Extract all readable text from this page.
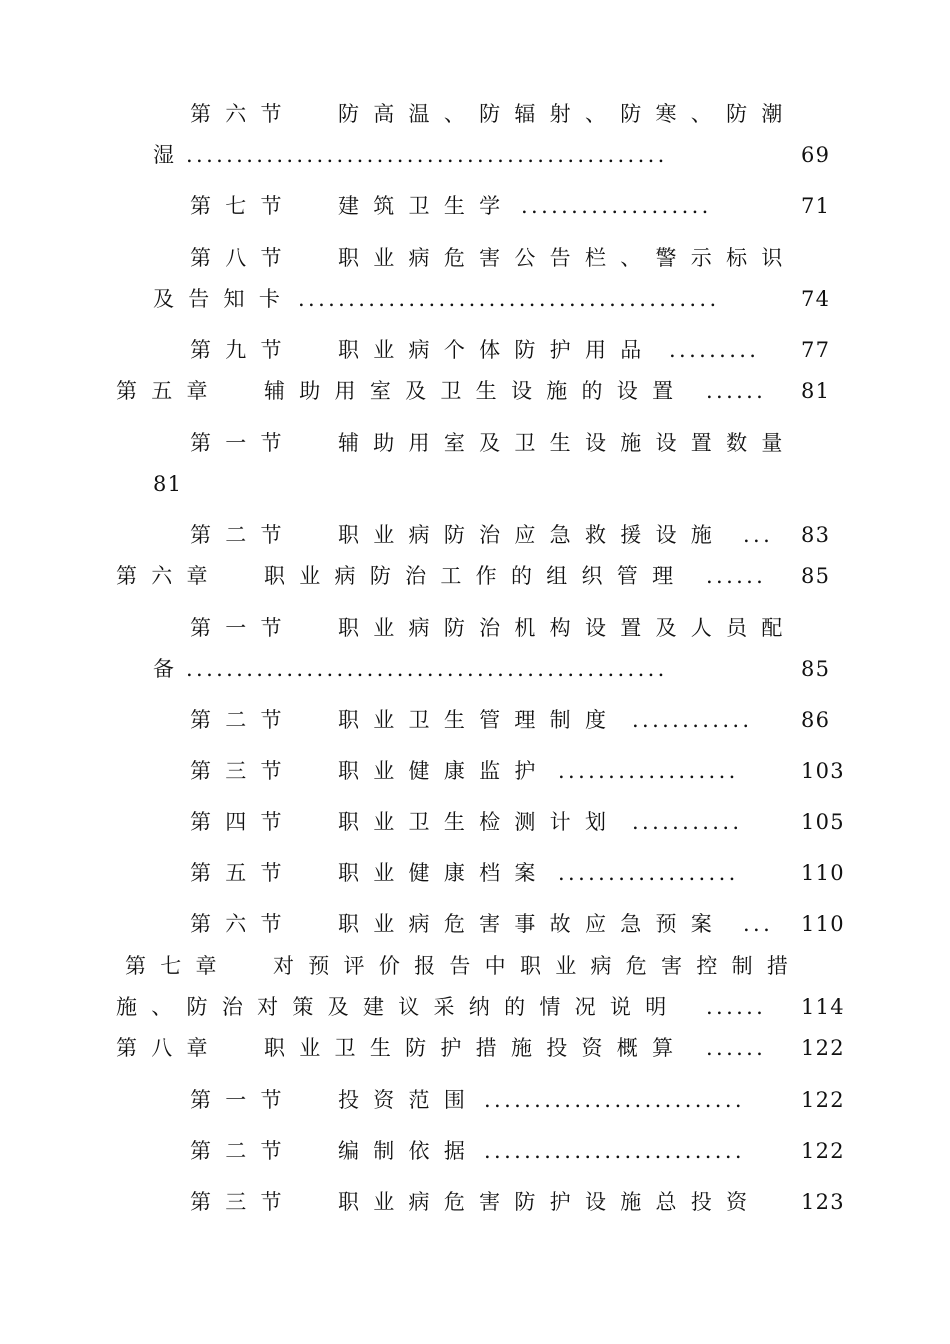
第六节 防高温、防辐射、防寒、防潮
湿
................................................	69
第七节 建筑卫生学 ...................	71
第八节 职业病危害公告栏、警示标识
及告知卡 ..........................................	74
第九节 职业病个体防护用品 ......... 77
第五章 辅助用室及卫生设施的设置 ...... 81
第一节 辅助用室及卫生设施设置数量
81
第二节 职业病防治应急救援设施 ... 83
第六章 职业病防治工作的组织管理 ...... 85
第一节 职业病防治机构设置及人员配
备
................................................	85
第二节 职业卫生管理制度 ............ 86
第三节 职业健康监护 ..................	103
第四节 职业卫生检测计划 ...........	105
第五节 职业健康档案 ..................	110
第六节 职业病危害事故应急预案 ... 110
第七章 对预评价报告中职业病危害控制措
施、防治对策及建议采纳的情况说明 ...... 114
第八章 职业卫生防护措施投资概算 ...... 122
第一节 投资范围 ..........................	122
第二节 编制依据 ..........................	122
第三节 职业病危害防护设施总投资 123
